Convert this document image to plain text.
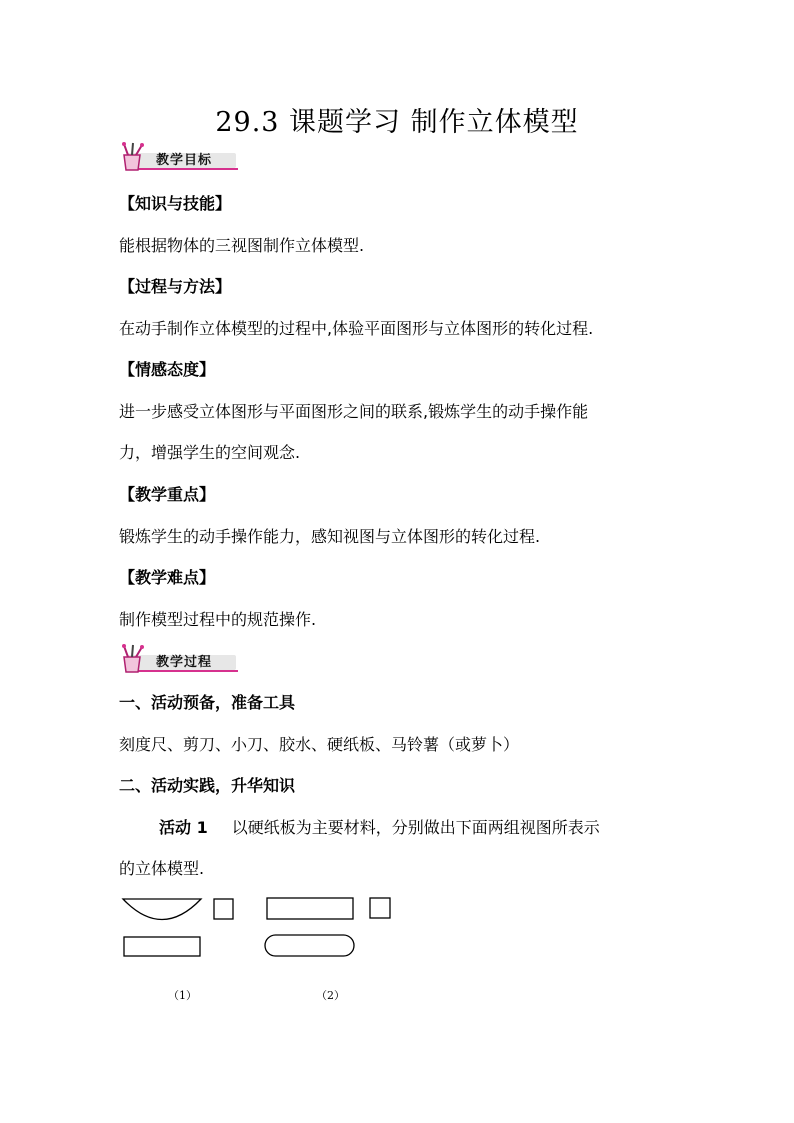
29.3 课题学习 制作立体模型
教学目标
【知识与技能】
能根据物体的三视图制作立体模型.
【过程与方法】
在动手制作立体模型的过程中,体验平面图形与立体图形的转化过程.
【情感态度】
进一步感受立体图形与平面图形之间的联系,锻炼学生的动手操作能
力，增强学生的空间观念.
【教学重点】
锻炼学生的动手操作能力，感知视图与立体图形的转化过程.
【教学难点】
制作模型过程中的规范操作.
教学过程
一、活动预备，准备工具
刻度尺、剪刀、小刀、胶水、硬纸板、马铃薯（或萝卜）
二、活动实践，升华知识
活动 1 以硬纸板为主要材料，分别做出下面两组视图所表示
的立体模型.
（1）	（2）
